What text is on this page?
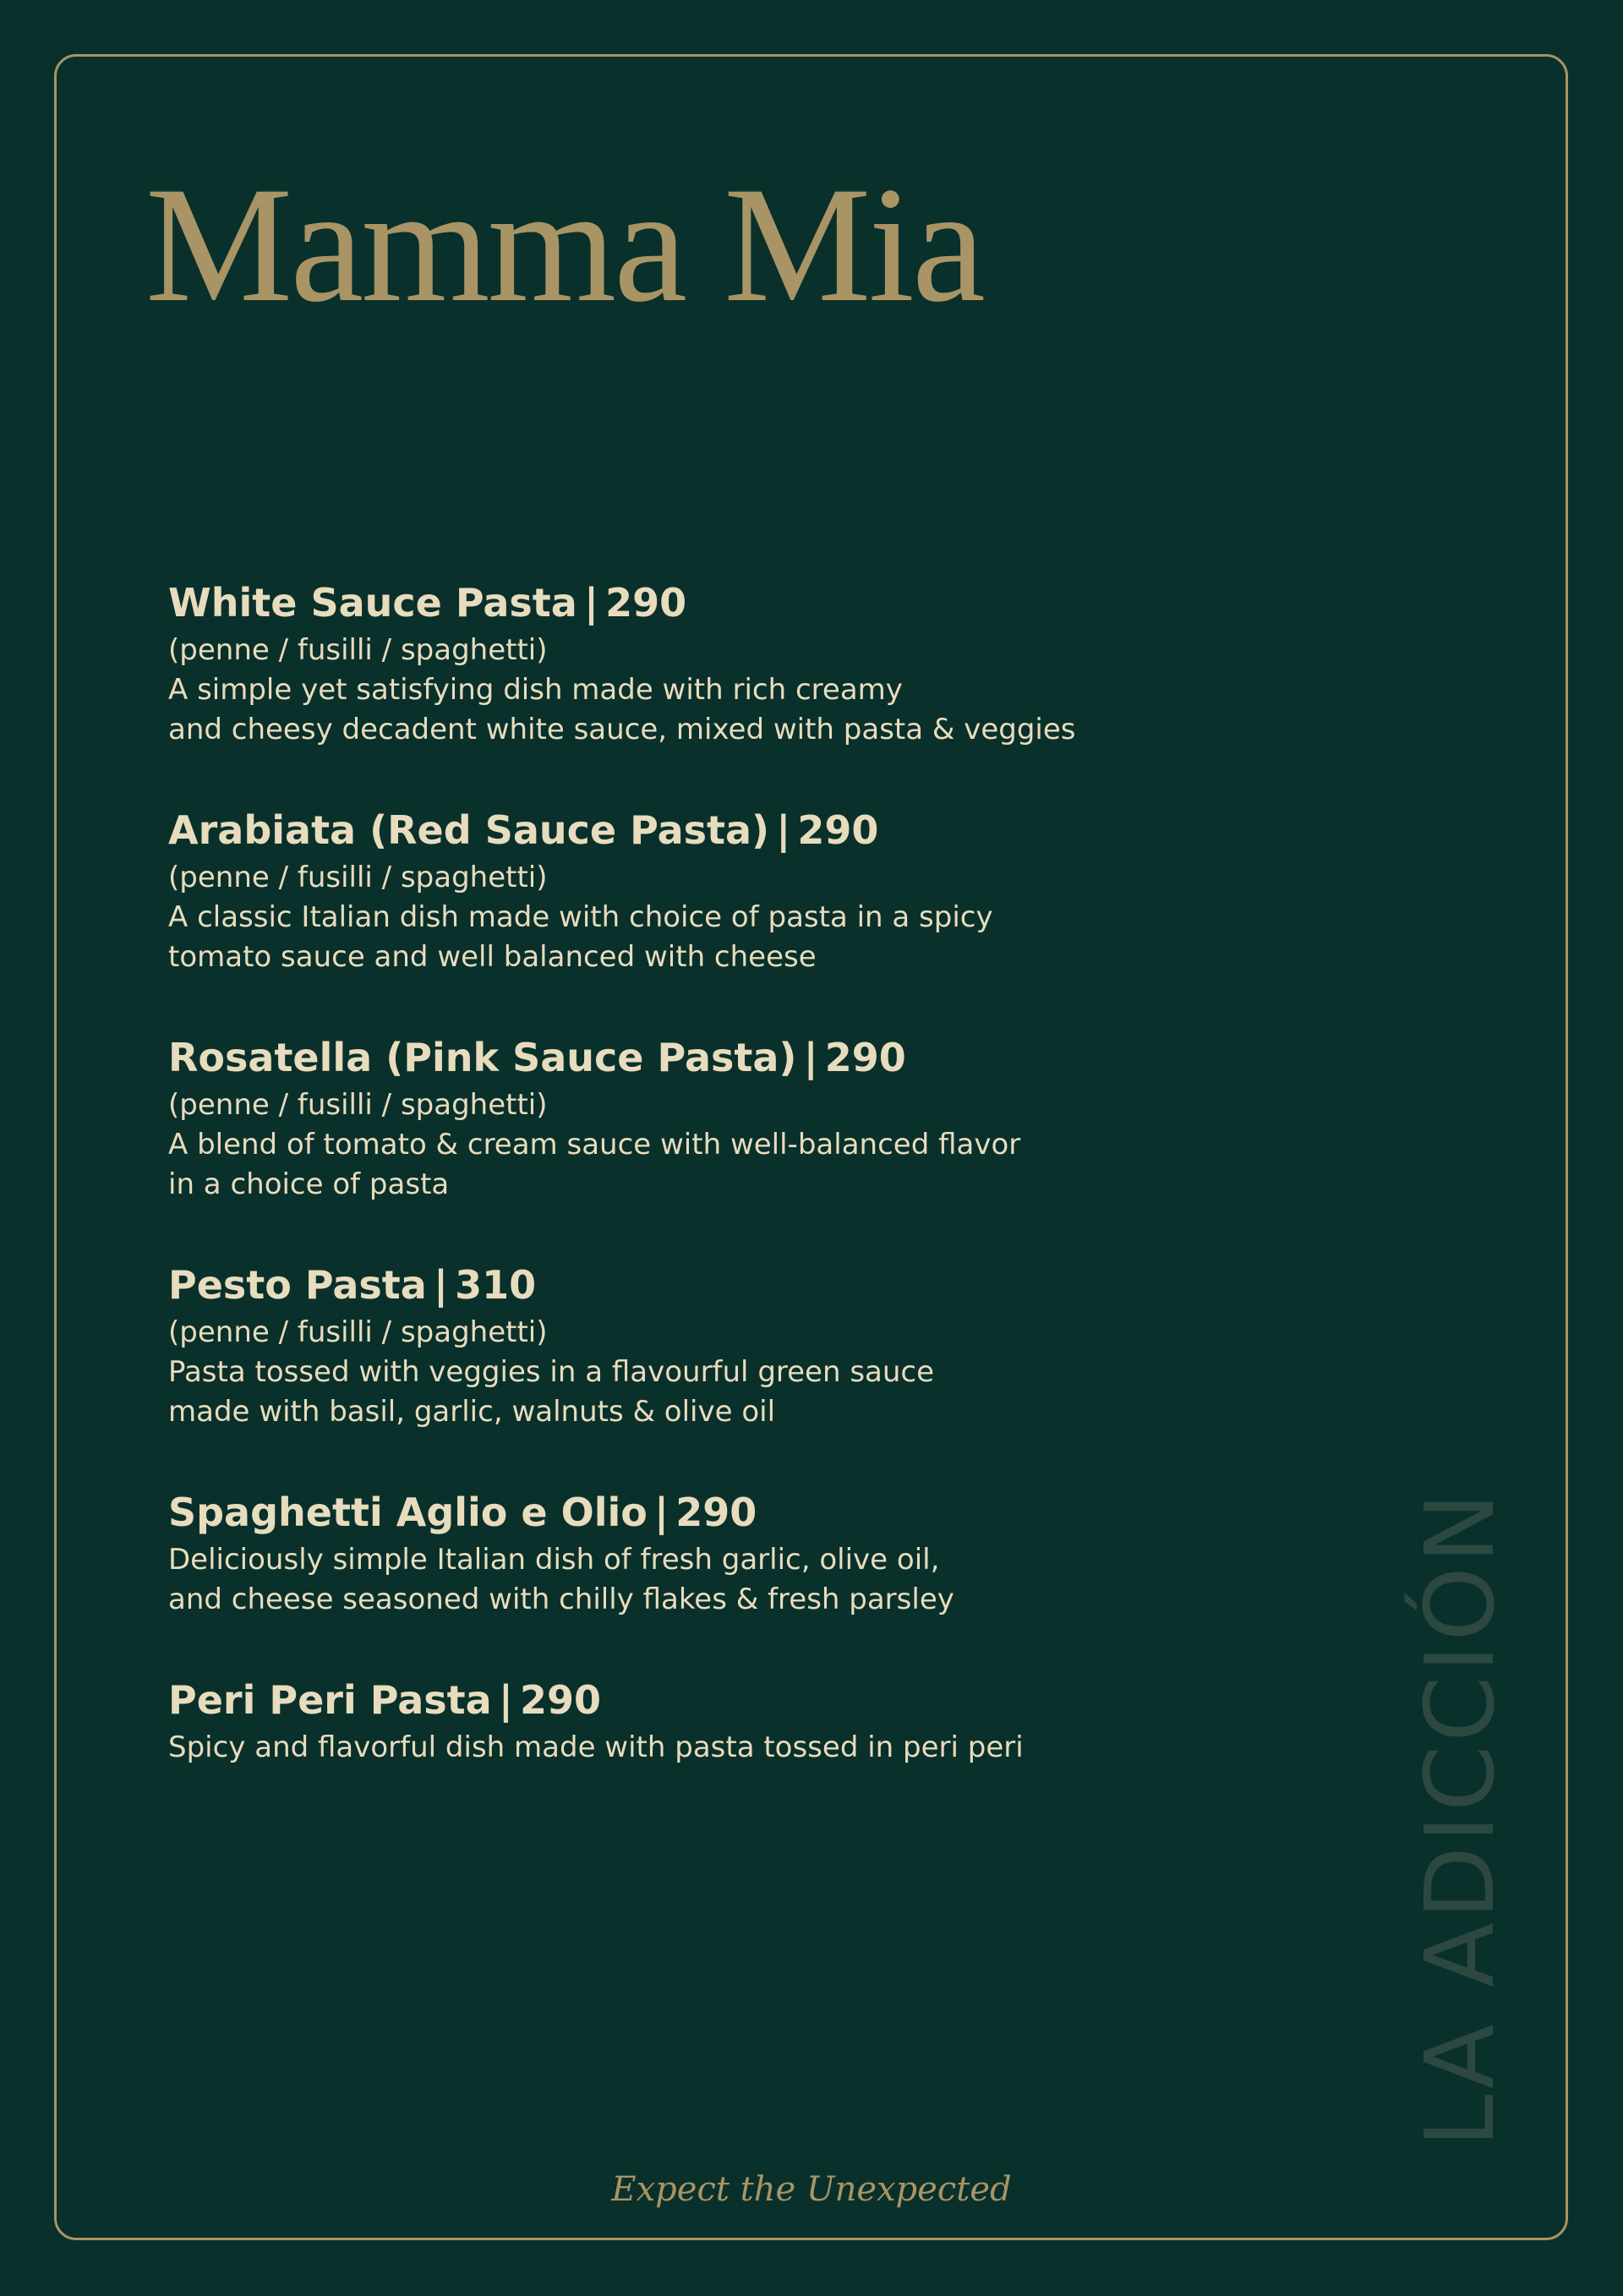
Mamma Mia
White Sauce Pasta | 290
(penne / fusilli / spaghetti)
A simple yet satisfying dish made with rich creamy
and cheesy decadent white sauce, mixed with pasta & veggies
Arabiata (Red Sauce Pasta) | 290
(penne / fusilli / spaghetti)
A classic Italian dish made with choice of pasta in a spicy
tomato sauce and well balanced with cheese
Rosatella (Pink Sauce Pasta) | 290
(penne / fusilli / spaghetti)
A blend of tomato & cream sauce with well-balanced flavor
in a choice of pasta
Pesto Pasta | 310
(penne / fusilli / spaghetti)
Pasta tossed with veggies in a flavourful green sauce
made with basil, garlic, walnuts & olive oil
Spaghetti Aglio e Olio | 290
Deliciously simple Italian dish of fresh garlic, olive oil,
and cheese seasoned with chilly flakes & fresh parsley
Peri Peri Pasta | 290
Spicy and flavorful dish made with pasta tossed in peri peri	LA ADICCIÓN
Expect the Unexpected
